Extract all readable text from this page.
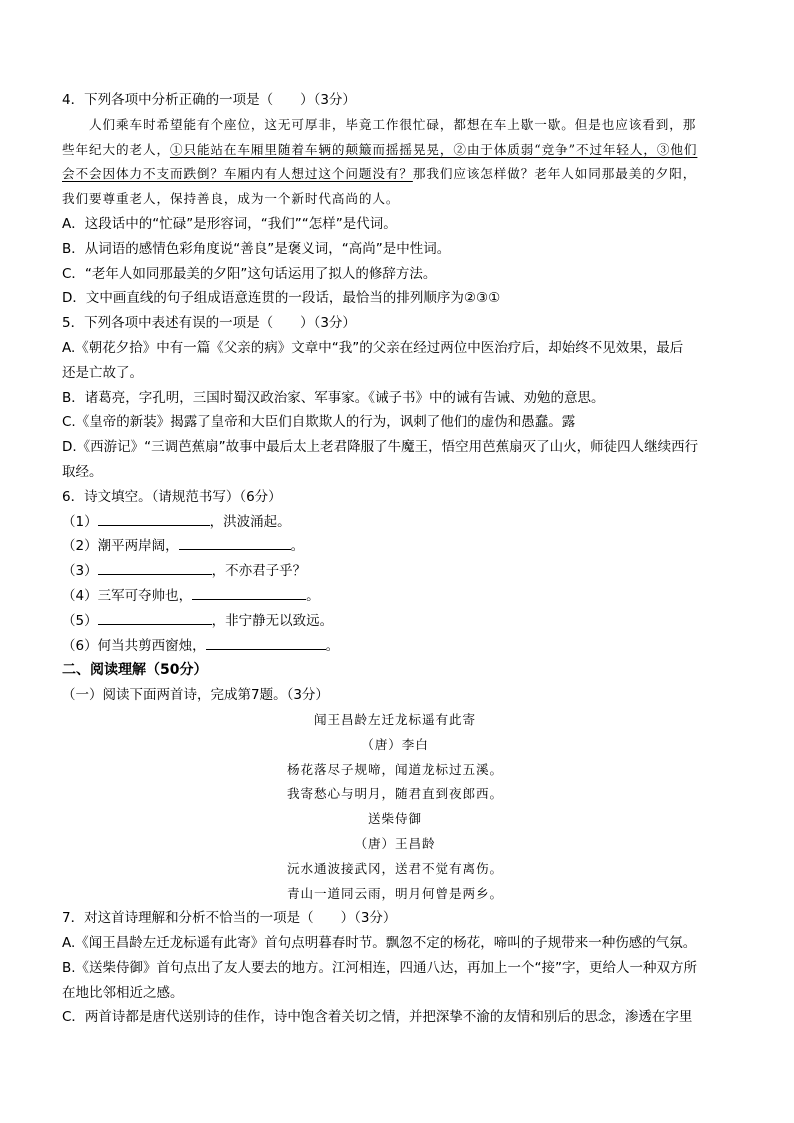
4．下列各项中分析正确的一项是（　　）（3分）
人们乘车时希望能有个座位，这无可厚非，毕竟工作很忙碌，都想在车上歇一歇。但是也应该看到，那
些年纪大的老人，①只能站在车厢里随着车辆的颠簸而摇摇晃晃，②由于体质弱“竞争”不过年轻人，③他们
会不会因体力不支而跌倒？车厢内有人想过这个问题没有？那我们应该怎样做？老年人如同那最美的夕阳，
我们要尊重老人，保持善良，成为一个新时代高尚的人。
A．这段话中的“忙碌”是形容词，“我们”“怎样”是代词。
B．从词语的感情色彩角度说“善良”是褒义词，“高尚”是中性词。
C．“老年人如同那最美的夕阳”这句话运用了拟人的修辞方法。
D．文中画直线的句子组成语意连贯的一段话，最恰当的排列顺序为②③①
5．下列各项中表述有误的一项是（　　）（3分）
A.《朝花夕拾》中有一篇《父亲的病》文章中“我”的父亲在经过两位中医治疗后，却始终不见效果，最后
还是亡故了。
B．诸葛亮，字孔明，三国时蜀汉政治家、军事家。《诫子书》中的诫有告诫、劝勉的意思。
C.《皇帝的新装》揭露了皇帝和大臣们自欺欺人的行为，讽刺了他们的虚伪和愚蠢。露
D.《西游记》“三调芭蕉扇”故事中最后太上老君降服了牛魔王，悟空用芭蕉扇灭了山火，师徒四人继续西行
取经。
6．诗文填空。（请规范书写）（6分）
（1）	，洪波涌起。
（2）潮平两岸阔，	。
（3）	，不亦君子乎？
（4）三军可夺帅也，	。
（5）	，非宁静无以致远。
（6）何当共剪西窗烛，	。
二、阅读理解（50分）
（一）阅读下面两首诗，完成第7题。（3分）
闻王昌龄左迁龙标遥有此寄
（唐）李白
杨花落尽子规啼，闻道龙标过五溪。
我寄愁心与明月，随君直到夜郎西。
送柴侍御
（唐）王昌龄
沅水通波接武冈，送君不觉有离伤。
青山一道同云雨，明月何曾是两乡。
7．对这首诗理解和分析不恰当的一项是（　　）（3分）
A.《闻王昌龄左迁龙标遥有此寄》首句点明暮春时节。飘忽不定的杨花，啼叫的子规带来一种伤感的气氛。
B.《送柴侍御》首句点出了友人要去的地方。江河相连，四通八达，再加上一个“接”字，更给人一种双方所
在地比邻相近之感。
C．两首诗都是唐代送别诗的佳作，诗中饱含着关切之情，并把深挚不渝的友情和别后的思念，渗透在字里
